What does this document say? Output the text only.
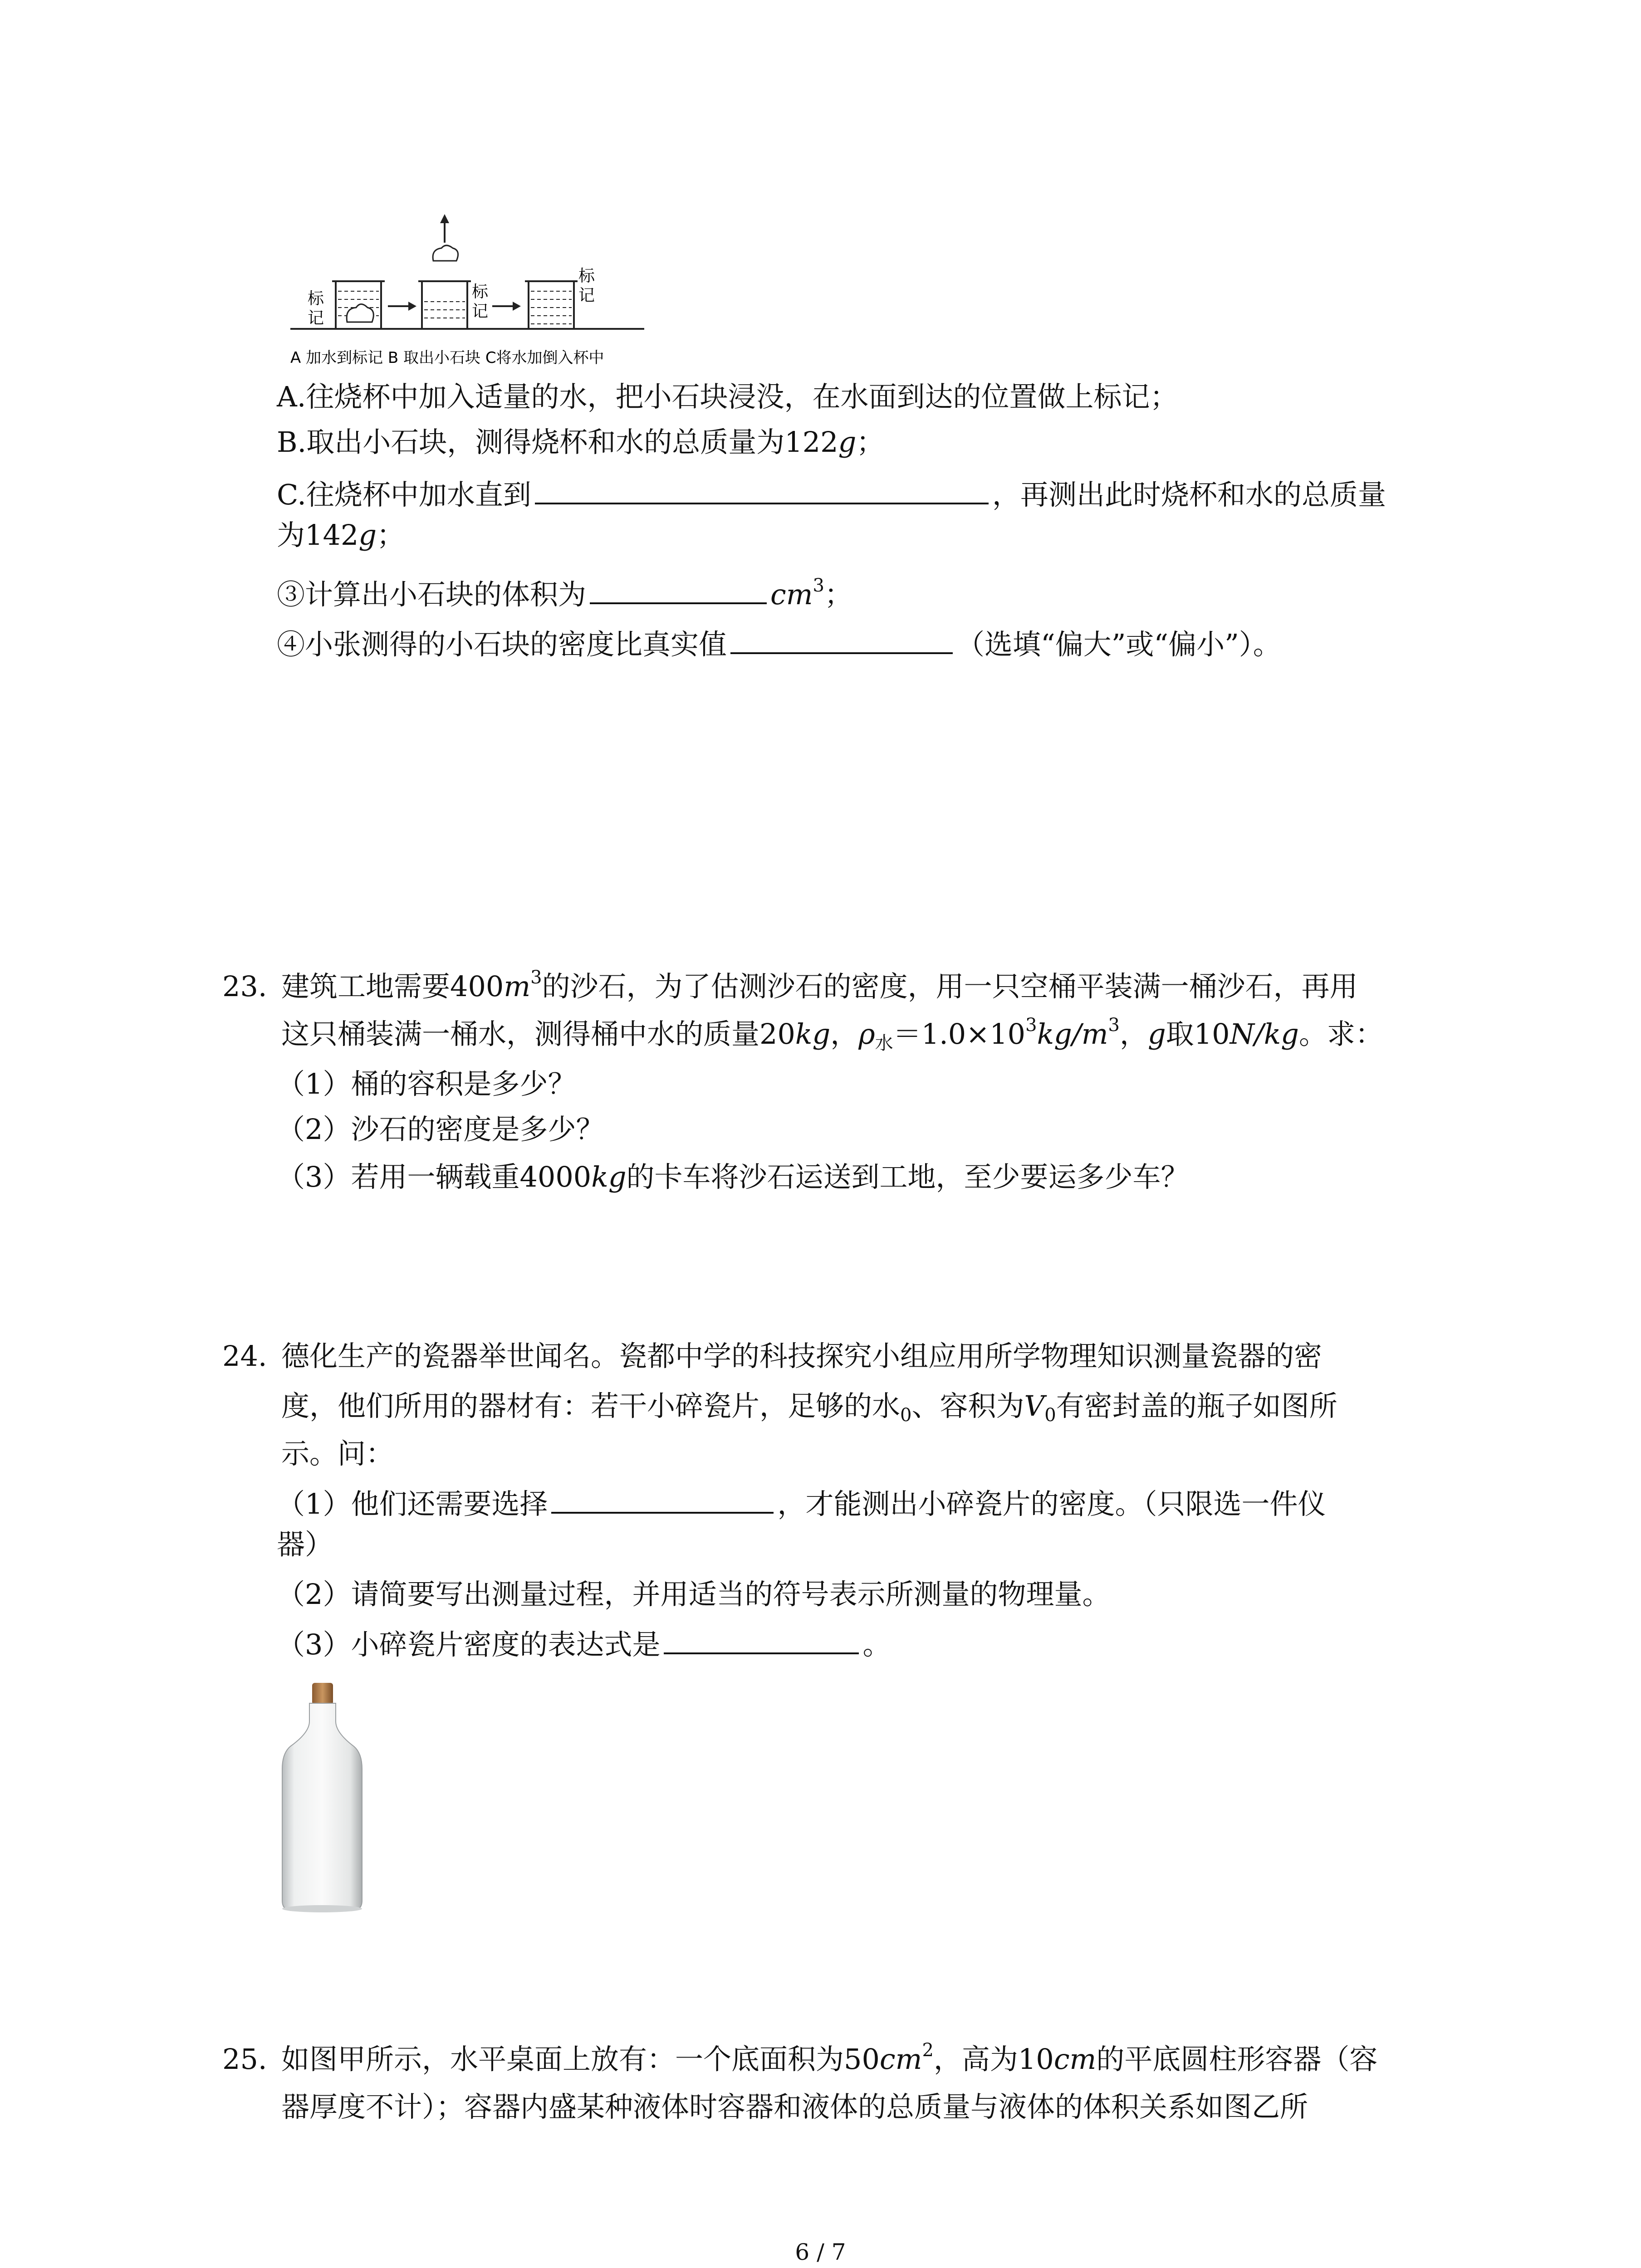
标
记
标
记
标
记
A 加水到标记 B 取出小石块 C将水加倒入杯中
A.往烧杯中加入适量的水，把小石块浸没，在水面到达的位置做上标记；
B.取出小石块，测得烧杯和水的总质量为122g；
C.往烧杯中加水直到	，再测出此时烧杯和水的总质量
为142g；
③计算出小石块的体积为	$cm^3$；
④小张测得的小石块的密度比真实值	（选填“偏大”或“偏小”）。
23. 建筑工地需要$400m^3$的沙石，为了估测沙石的密度，用一只空桶平装满一桶沙石，再用
这只桶装满一桶水，测得桶中水的质量20kg，$\rho_水=1.0\times 10^3kg/m^3$，g取10N/kg。求：
（1）桶的容积是多少？
（2）沙石的密度是多少？
（3）若用一辆载重4000kg的卡车将沙石运送到工地，至少要运多少车？
24. 德化生产的瓷器举世闻名。瓷都中学的科技探究小组应用所学物理知识测量瓷器的密
度，他们所用的器材有：若干小碎瓷片，足够的水$_0$、容积为$V_0$有密封盖的瓶子如图所
示。问：
（1）他们还需要选择	，才能测出小碎瓷片的密度。（只限选一件仪
器）
（2）请简要写出测量过程，并用适当的符号表示所测量的物理量。
（3）小碎瓷片密度的表达式是	。
25. 如图甲所示，水平桌面上放有：一个底面积为$50cm^2$，高为10cm的平底圆柱形容器（容
器厚度不计）；容器内盛某种液体时容器和液体的总质量与液体的体积关系如图乙所
6 / 7
